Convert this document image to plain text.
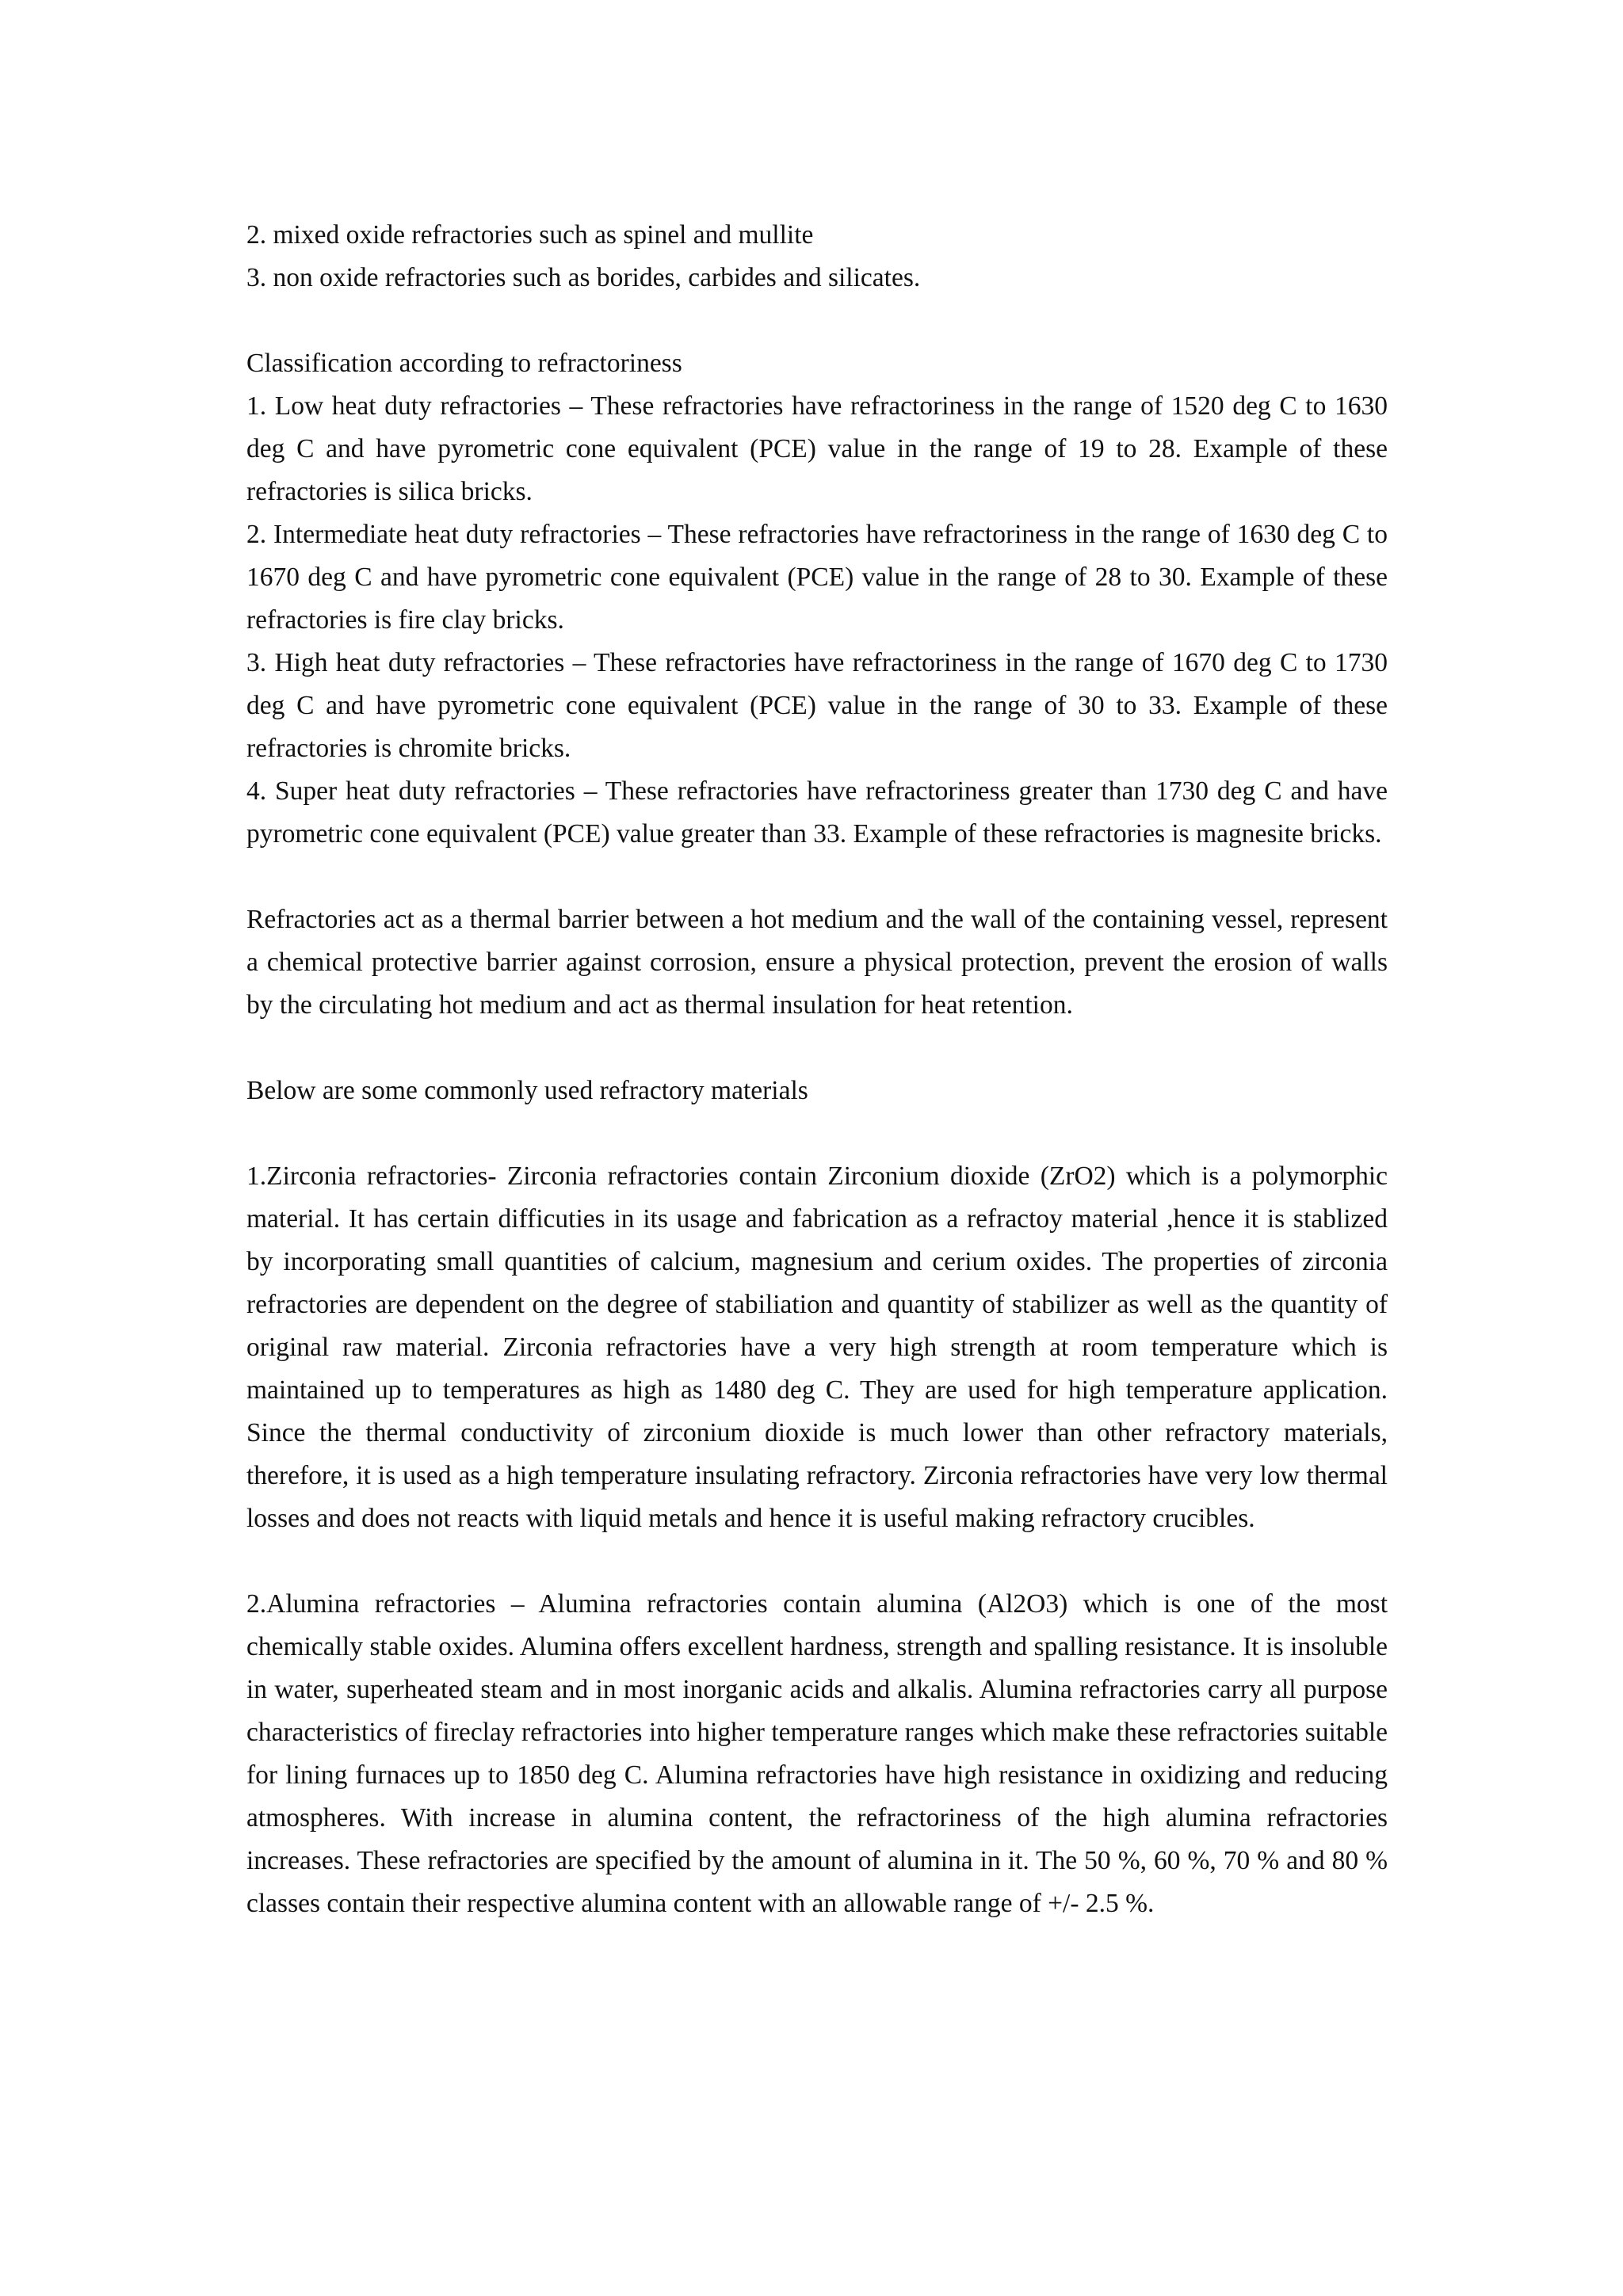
2. mixed oxide refractories such as spinel and mullite

3. non oxide refractories such as borides, carbides and silicates.

Classification according to refractoriness

1. Low heat duty refractories – These refractories have refractoriness in the range of 1520 deg C to 1630 deg C and have pyrometric cone equivalent (PCE) value in the range of 19 to 28. Example of these refractories is silica bricks.

2. Intermediate heat duty refractories – These refractories have refractoriness in the range of 1630 deg C to 1670 deg C and have pyrometric cone equivalent (PCE) value in the range of 28 to 30. Example of these refractories is fire clay bricks.

3. High heat duty refractories – These refractories have refractoriness in the range of 1670 deg C to 1730 deg C and have pyrometric cone equivalent (PCE) value in the range of 30 to 33. Example of these refractories is chromite bricks.

4. Super heat duty refractories – These refractories have refractoriness greater than 1730 deg C and have pyrometric cone equivalent (PCE) value greater than 33. Example of these refractories is magnesite bricks.

Refractories act as a thermal barrier between a hot medium and the wall of the containing vessel, represent a chemical protective barrier against corrosion, ensure a physical protection, prevent the erosion of walls by the circulating hot medium and act as thermal insulation for heat retention.

Below are some commonly used refractory materials

1.Zirconia refractories- Zirconia refractories contain Zirconium dioxide (ZrO2) which is a polymorphic material. It has certain difficuties in its usage and fabrication as a refractoy material ,hence it is stablized by incorporating small quantities of calcium, magnesium and cerium oxides. The properties of zirconia refractories are dependent on the degree of stabiliation and quantity of stabilizer as well as the quantity of original raw material. Zirconia refractories have a very high strength at room temperature which is maintained up to temperatures as high as 1480 deg C. They are used for high temperature application. Since the thermal conductivity of zirconium dioxide is much lower than other refractory materials, therefore, it is used as a high temperature insulating refractory. Zirconia refractories have very low thermal losses and does not reacts with liquid metals and hence it is useful making refractory crucibles.

2.Alumina refractories – Alumina refractories contain alumina (Al2O3) which is one of the most chemically stable oxides. Alumina offers excellent hardness, strength and spalling resistance. It is insoluble in water, superheated steam and in most inorganic acids and alkalis. Alumina refractories carry all purpose characteristics of fireclay refractories into higher temperature ranges which make these refractories suitable for lining furnaces up to 1850 deg C. Alumina refractories have high resistance in oxidizing and reducing atmospheres. With increase in alumina content, the refractoriness of the high alumina refractories increases. These refractories are specified by the amount of alumina in it. The 50 %, 60 %, 70 % and 80 % classes contain their respective alumina content with an allowable range of +/- 2.5 %.
